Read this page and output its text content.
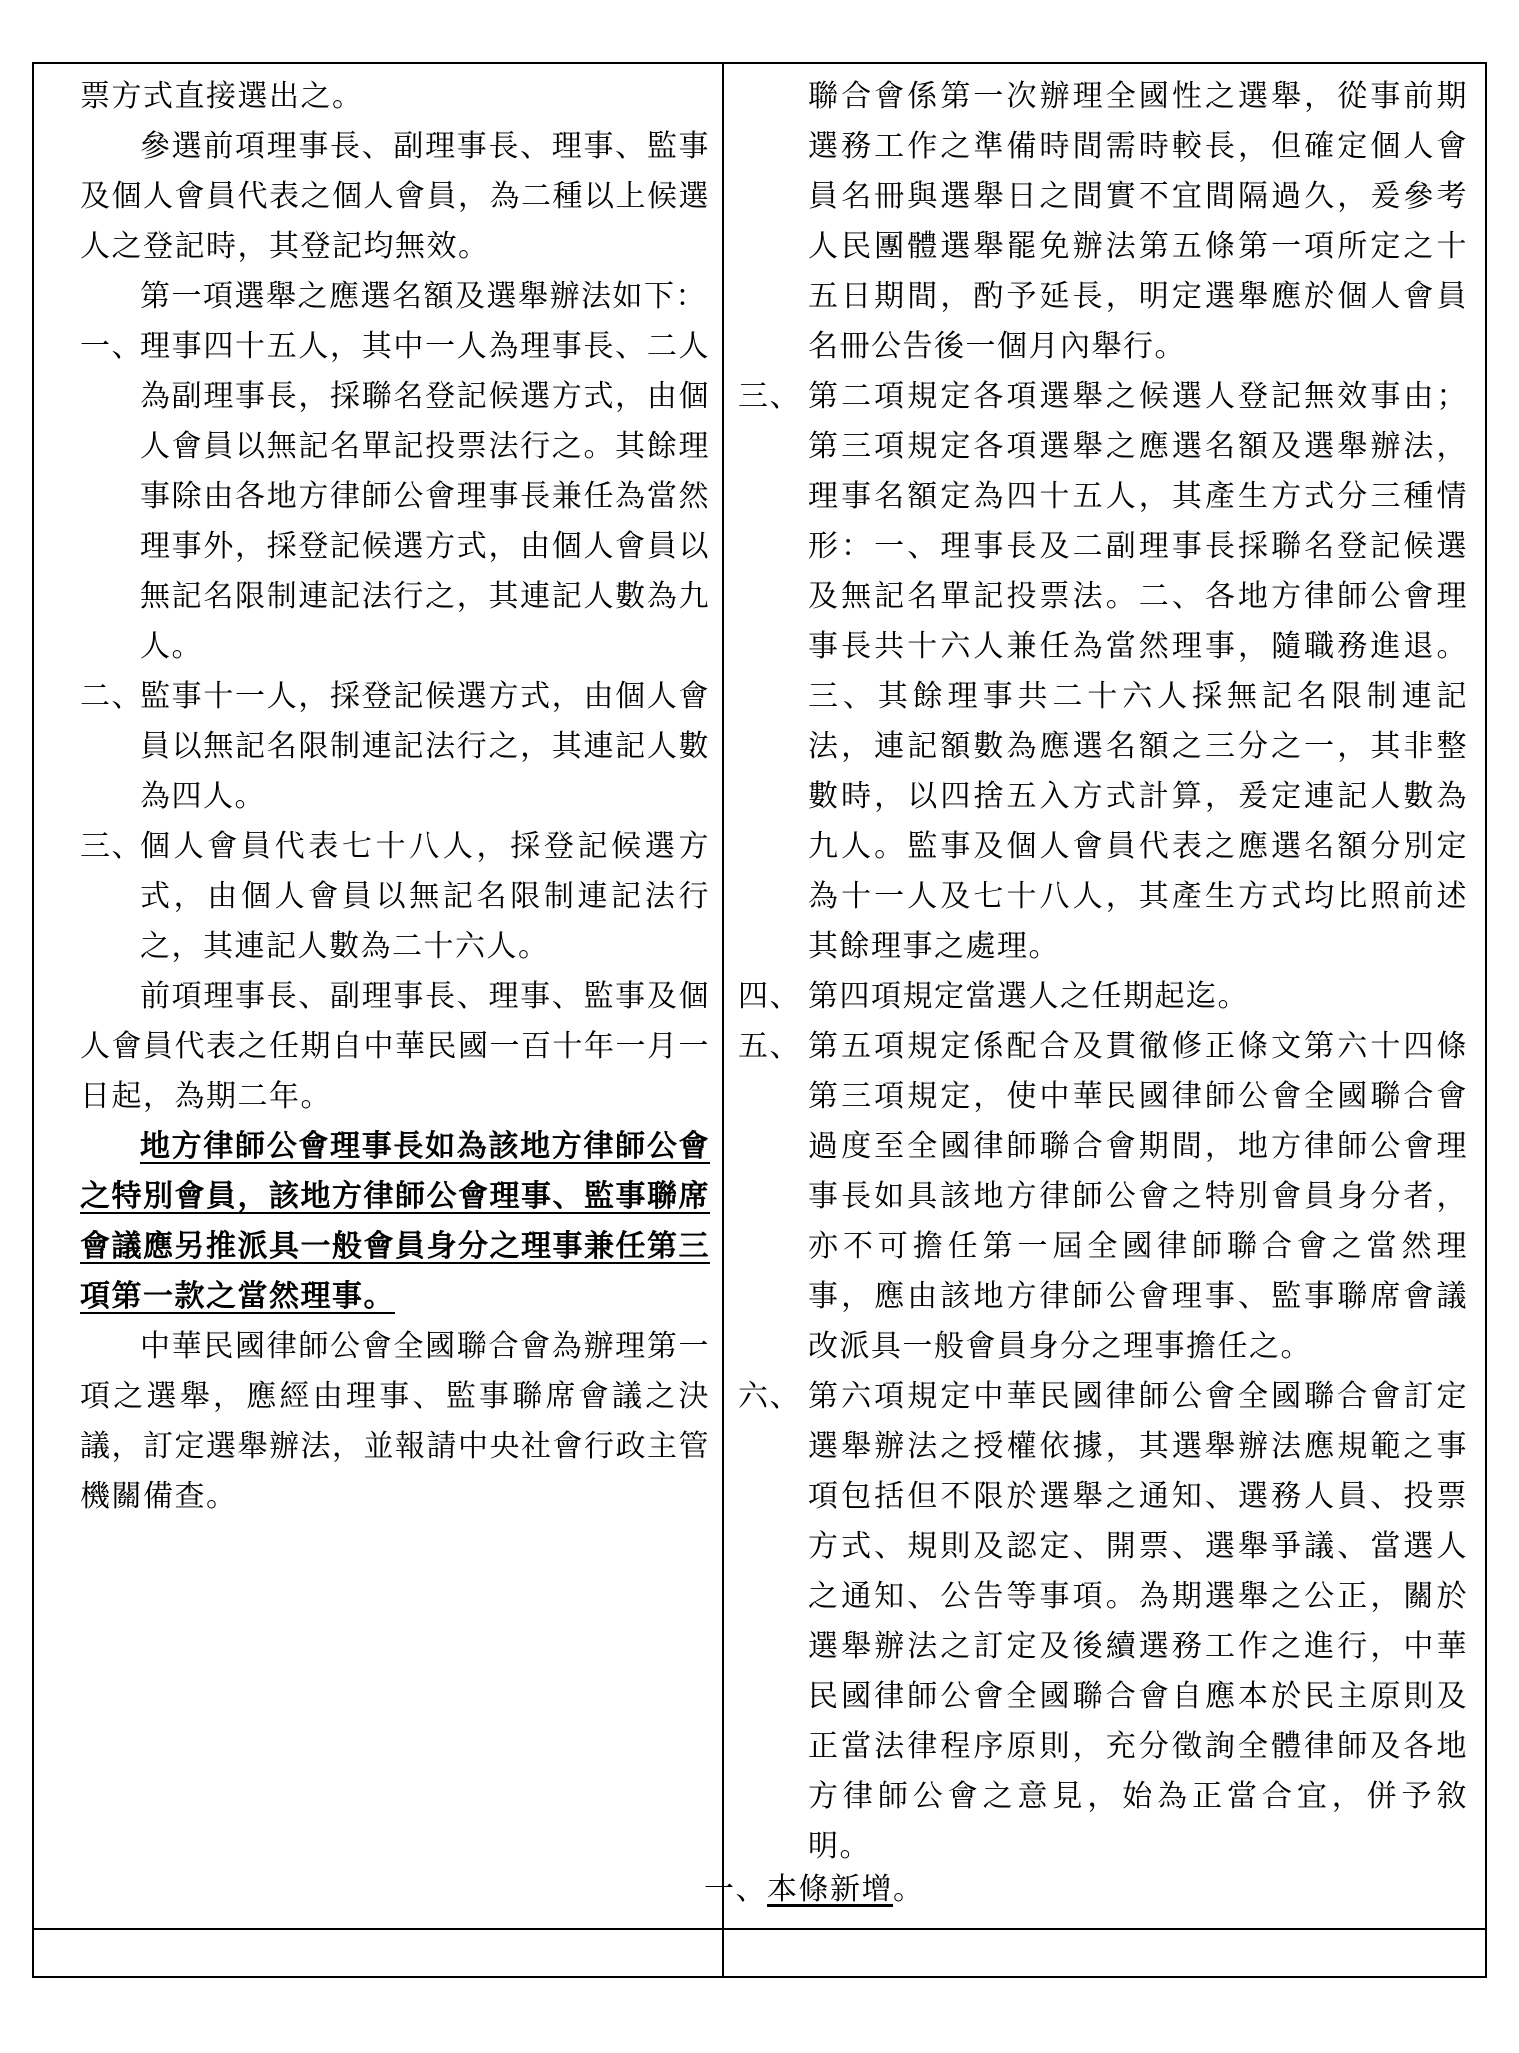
票方式直接選出之。

參選前項理事長、副理事長、理事、監事及個人會員代表之個人會員，為二種以上候選人之登記時，其登記均無效。

第一項選舉之應選名額及選舉辦法如下：

一、
理事四十五人，其中一人為理事長、二人為副理事長，採聯名登記候選方式，由個人會員以無記名單記投票法行之。其餘理事除由各地方律師公會理事長兼任為當然理事外，採登記候選方式，由個人會員以無記名限制連記法行之，其連記人數為九人。
二、
監事十一人，採登記候選方式，由個人會員以無記名限制連記法行之，其連記人數為四人。
三、
個人會員代表七十八人，採登記候選方式，由個人會員以無記名限制連記法行之，其連記人數為二十六人。

前項理事長、副理事長、理事、監事及個人會員代表之任期自中華民國一百十年一月一日起，為期二年。

地方律師公會理事長如為該地方律師公會之特別會員，該地方律師公會理事、監事聯席會議應另推派具一般會員身分之理事兼任第三項第一款之當然理事。

中華民國律師公會全國聯合會為辦理第一項之選舉，應經由理事、監事聯席會議之決議，訂定選舉辦法，並報請中央社會行政主管機關備查。

聯合會係第一次辦理全國性之選舉，從事前期選務工作之準備時間需時較長，但確定個人會員名冊與選舉日之間實不宜間隔過久，爰參考人民團體選舉罷免辦法第五條第一項所定之十五日期間，酌予延長，明定選舉應於個人會員名冊公告後一個月內舉行。

三、 第二項規定各項選舉之候選人登記無效事由；第三項規定各項選舉之應選名額及選舉辦法，理事名額定為四十五人，其產生方式分三種情形：一、理事長及二副理事長採聯名登記候選及無記名單記投票法。二、各地方律師公會理事長共十六人兼任為當然理事，隨職務進退。三、其餘理事共二十六人採無記名限制連記法，連記額數為應選名額之三分之一，其非整數時，以四捨五入方式計算，爰定連記人數為九人。監事及個人會員代表之應選名額分別定為十一人及七十八人，其產生方式均比照前述其餘理事之處理。
四、 第四項規定當選人之任期起迄。
五、 第五項規定係配合及貫徹修正條文第六十四條第三項規定，使中華民國律師公會全國聯合會過度至全國律師聯合會期間，地方律師公會理事長如具該地方律師公會之特別會員身分者，亦不可擔任第一屆全國律師聯合會之當然理事，應由該地方律師公會理事、監事聯席會議改派具一般會員身分之理事擔任之。
六、 第六項規定中華民國律師公會全國聯合會訂定選舉辦法之授權依據，其選舉辦法應規範之事項包括但不限於選舉之通知、選務人員、投票方式、規則及認定、開票、選舉爭議、當選人之通知、公告等事項。為期選舉之公正，關於選舉辦法之訂定及後續選務工作之進行，中華民國律師公會全國聯合會自應本於民主原則及正當法律程序原則，充分徵詢全體律師及各地方律師公會之意見，始為正當合宜，併予敘明。
一、本條新增。
